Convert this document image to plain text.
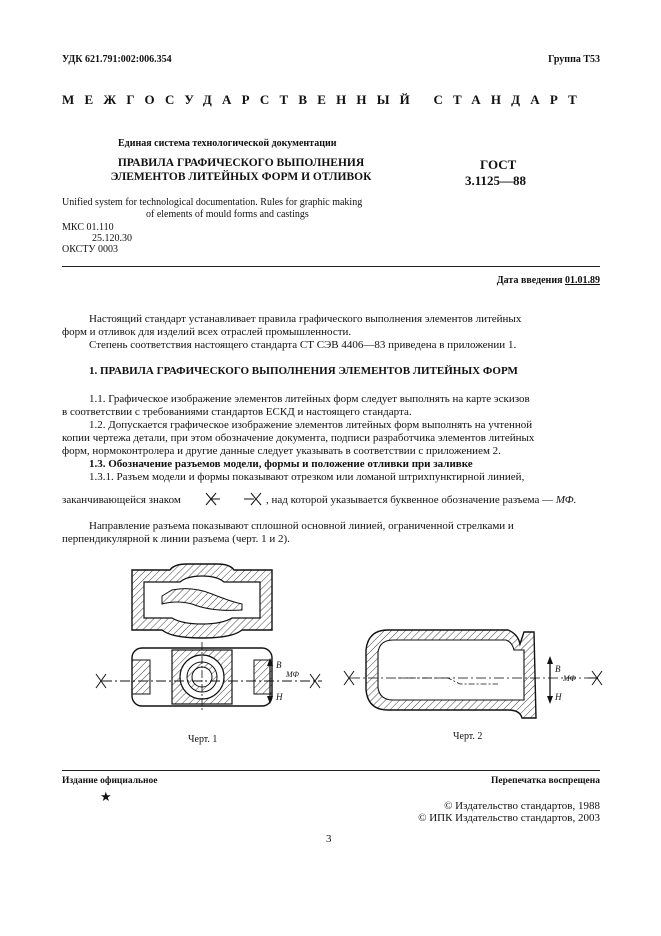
УДК 621.791:002:006.354	Группа Т53
МЕЖГОСУДАРСТВЕННЫЙ СТАНДАРТ
Единая система технологической документации
ПРАВИЛА ГРАФИЧЕСКОГО ВЫПОЛНЕНИЯ
ЭЛЕМЕНТОВ ЛИТЕЙНЫХ ФОРМ И ОТЛИВОК
ГОСТ
3.1125—88
Unified system for technological documentation. Rules for graphic making
of elements of mould forms and castings
МКС 01.110
25.120.30
ОКСТУ 0003
Дата введения 01.01.89
Настоящий стандарт устанавливает правила графического выполнения элементов литейных
форм и отливок для изделий всех отраслей промышленности.
Степень соответствия настоящего стандарта СТ СЭВ 4406—83 приведена в приложении 1.
1. ПРАВИЛА ГРАФИЧЕСКОГО ВЫПОЛНЕНИЯ ЭЛЕМЕНТОВ ЛИТЕЙНЫХ ФОРМ
1.1. Графическое изображение элементов литейных форм следует выполнять на карте эскизов
в соответствии с требованиями стандартов ЕСКД и настоящего стандарта.
1.2. Допускается графическое изображение элементов литейных форм выполнять на учтенной
копии чертежа детали, при этом обозначение документа, подписи разработчика элементов литейных
форм, нормоконтролера и другие данные следует указывать в соответствии с приложением 2.
1.3. Обозначение разъемов модели, формы и положение отливки при заливке
1.3.1. Разъем модели и формы показывают отрезком или ломаной штрихпунктирной линией,
заканчивающейся знаком	, над которой указывается буквенное обозначение разъема — МФ.
Направление разъема показывают сплошной основной линией, ограниченной стрелками и
перпендикулярной к линии разъема (черт. 1 и 2).
В
Н
МФ
Черт. 1
В
Н
МФ
Черт. 2
Издание официальное	Перепечатка воспрещена
★
© Издательство стандартов, 1988
© ИПК Издательство стандартов, 2003
3
